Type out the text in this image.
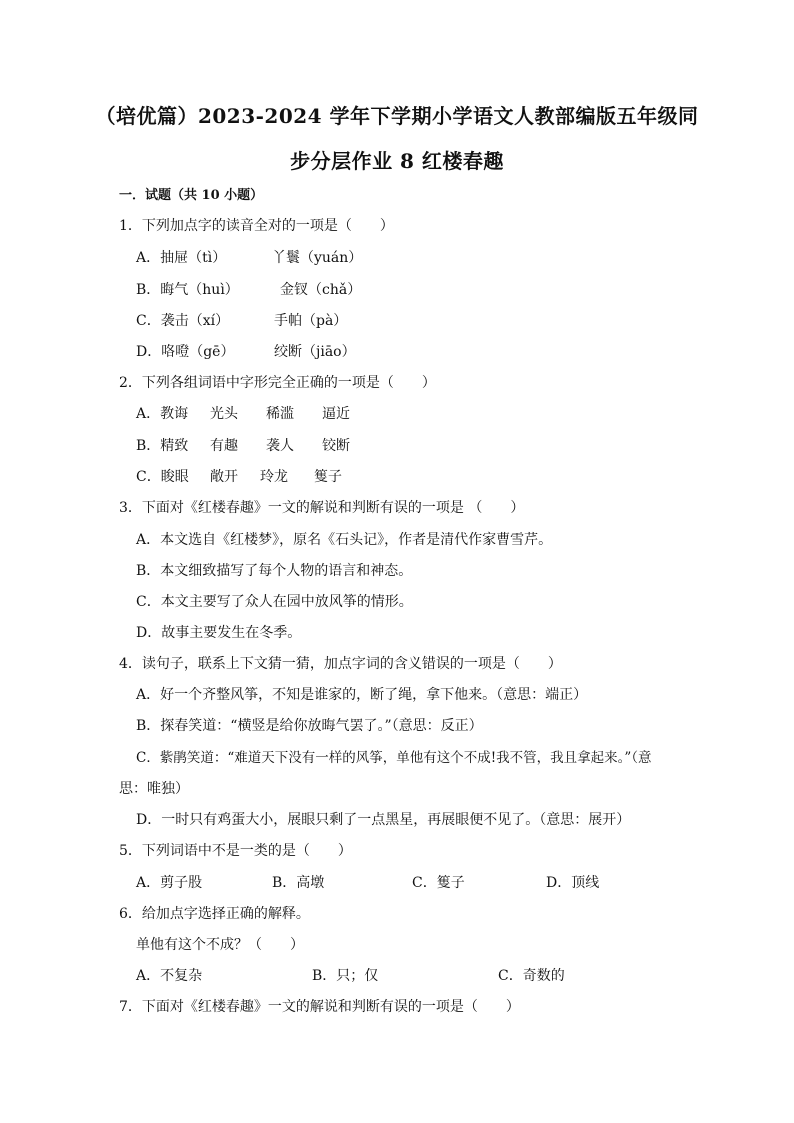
（培优篇）2023-2024 学年下学期小学语文人教部编版五年级同
步分层作业 8 红楼春趣
一．试题（共 10 小题）
1．下列加点字的读音全对的一项是（　　）
A．抽屉（tì）	丫鬟（yuán）
B．晦气（huì）	金钗（chǎ）
C．袭击（xí）	手帕（pà）
D．咯噔（gē）	绞断（jiāo）
2．下列各组词语中字形完全正确的一项是（　　）
A．教诲 光头 稀滥 逼近
B．精致 有趣 袭人 铰断
C．睃眼 敞开 玲龙 篗子
3．下面对《红楼春趣》一文的解说和判断有误的一项是 （　　）
A．本文选自《红楼梦》，原名《石头记》，作者是清代作家曹雪芹。
B．本文细致描写了每个人物的语言和神态。
C．本文主要写了众人在园中放风筝的情形。
D．故事主要发生在冬季。
4．读句子，联系上下文猜一猜，加点字词的含义错误的一项是（　　）
A．好一个齐整风筝，不知是谁家的，断了绳，拿下他来。（意思：端正）
B．探春笑道：“横竖是给你放晦气罢了。”（意思：反正）
C．紫鹃笑道：“难道天下没有一样的风筝，单他有这个不成!我不管，我且拿起来。”（意
思：唯独）
D．一时只有鸡蛋大小，展眼只剩了一点黑星，再展眼便不见了。（意思：展开）
5．下列词语中不是一类的是（　　）
A．剪子股	B．高墩	C．篗子	D．顶线
6．给加点字选择正确的解释。
单他有这个不成？（　　）
A．不复杂	B．只；仅	C．奇数的
7．下面对《红楼春趣》一文的解说和判断有误的一项是（　　）
